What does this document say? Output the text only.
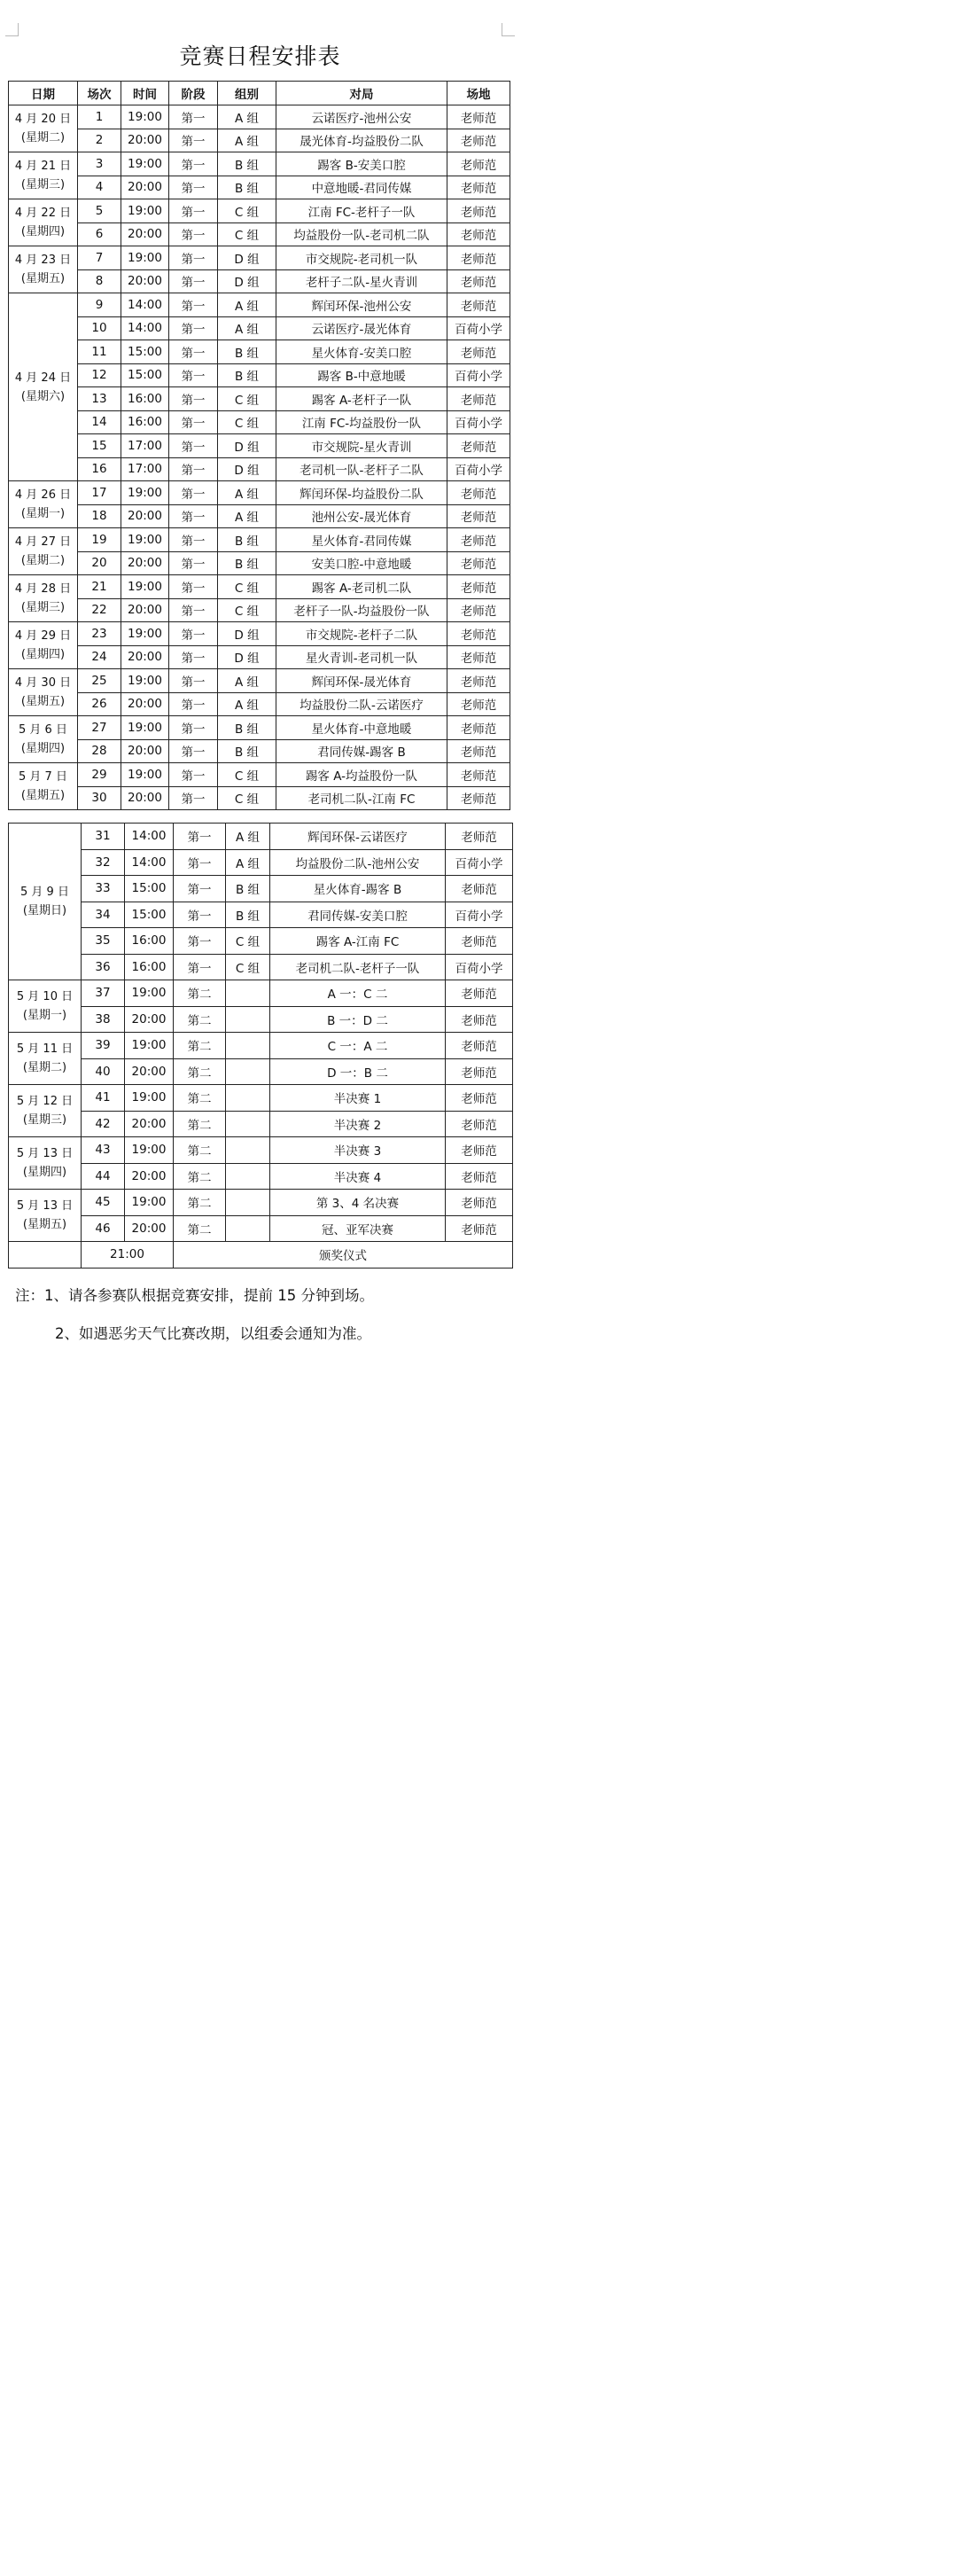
竞赛日程安排表
日期	场次	时间	阶段	组别	对局	场地

4 月 20 日
(星期二)	1	19:00	第一	A 组	云诺医疗-池州公安	老师范
	2	20:00	第一	A 组	晟光体育-均益股份二队	老师范

4 月 21 日
(星期三)	3	19:00	第一	B 组	踢客 B-安美口腔	老师范
	4	20:00	第一	B 组	中意地暖-君同传媒	老师范

4 月 22 日
(星期四)	5	19:00	第一	C 组	江南 FC-老杆子一队	老师范
	6	20:00	第一	C 组	均益股份一队-老司机二队	老师范

4 月 23 日
(星期五)	7	19:00	第一	D 组	市交规院-老司机一队	老师范
	8	20:00	第一	D 组	老杆子二队-星火青训	老师范

4 月 24 日
(星期六)	9	14:00	第一	A 组	辉闰环保-池州公安	老师范
	10	14:00	第一	A 组	云诺医疗-晟光体育	百荷小学
	11	15:00	第一	B 组	星火体育-安美口腔	老师范
	12	15:00	第一	B 组	踢客 B-中意地暖	百荷小学
	13	16:00	第一	C 组	踢客 A-老杆子一队	老师范
	14	16:00	第一	C 组	江南 FC-均益股份一队	百荷小学
	15	17:00	第一	D 组	市交规院-星火青训	老师范
	16	17:00	第一	D 组	老司机一队-老杆子二队	百荷小学

4 月 26 日
(星期一)	17	19:00	第一	A 组	辉闰环保-均益股份二队	老师范
	18	20:00	第一	A 组	池州公安-晟光体育	老师范

4 月 27 日
(星期二)	19	19:00	第一	B 组	星火体育-君同传媒	老师范
	20	20:00	第一	B 组	安美口腔-中意地暖	老师范

4 月 28 日
(星期三)	21	19:00	第一	C 组	踢客 A-老司机二队	老师范
	22	20:00	第一	C 组	老杆子一队-均益股份一队	老师范

4 月 29 日
(星期四)	23	19:00	第一	D 组	市交规院-老杆子二队	老师范
	24	20:00	第一	D 组	星火青训-老司机一队	老师范

4 月 30 日
(星期五)	25	19:00	第一	A 组	辉闰环保-晟光体育	老师范
	26	20:00	第一	A 组	均益股份二队-云诺医疗	老师范

5 月 6 日
(星期四)	27	19:00	第一	B 组	星火体育-中意地暖	老师范
	28	20:00	第一	B 组	君同传媒-踢客 B	老师范

5 月 7 日
(星期五)	29	19:00	第一	C 组	踢客 A-均益股份一队	老师范
	30	20:00	第一	C 组	老司机二队-江南 FC	老师范
5 月 9 日
(星期日)	31	14:00	第一	A 组	辉闰环保-云诺医疗	老师范
	32	14:00	第一	A 组	均益股份二队-池州公安	百荷小学
	33	15:00	第一	B 组	星火体育-踢客 B	老师范
	34	15:00	第一	B 组	君同传媒-安美口腔	百荷小学
	35	16:00	第一	C 组	踢客 A-江南 FC	老师范
	36	16:00	第一	C 组	老司机二队-老杆子一队	百荷小学

5 月 10 日
(星期一)	37	19:00	第二		A 一：C 二	老师范
	38	20:00	第二		B 一：D 二	老师范

5 月 11 日
(星期二)	39	19:00	第二		C 一：A 二	老师范
	40	20:00	第二		D 一：B 二	老师范

5 月 12 日
(星期三)	41	19:00	第二		半决赛 1	老师范
	42	20:00	第二		半决赛 2	老师范

5 月 13 日
(星期四)	43	19:00	第二		半决赛 3	老师范
	44	20:00	第二		半决赛 4	老师范

5 月 13 日
(星期五)	45	19:00	第二		第 3、4 名决赛	老师范
	46	20:00	第二		冠、亚军决赛	老师范
	21:00		颁奖仪式			
注：1、请各参赛队根据竞赛安排，提前 15 分钟到场。
2、如遇恶劣天气比赛改期，以组委会通知为准。
